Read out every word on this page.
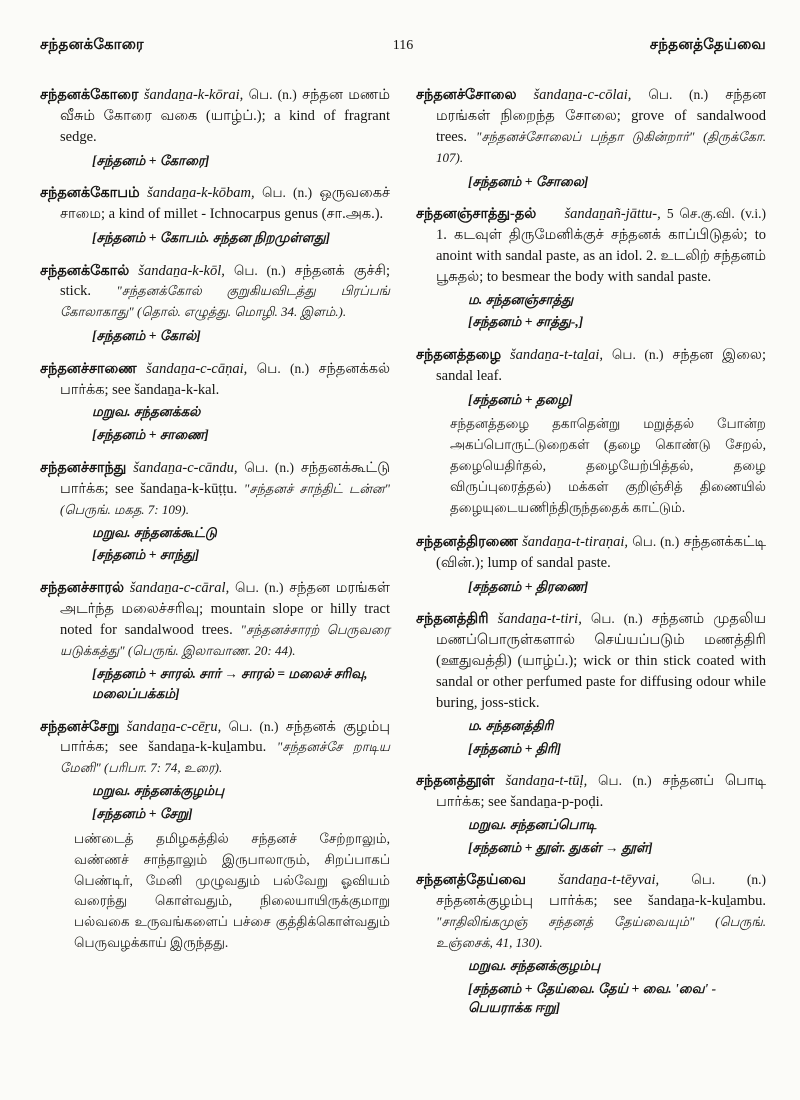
சந்தனக்கோரை	116	சந்தனத்தேய்வை

சந்தனக்கோரை šandaṉa-k-kōrai, பெ. (n.) சந்தன மணம் வீசும் கோரை வகை (யாழ்ப்.); a kind of fragrant sedge.

[சந்தனம் + கோரை]

சந்தனக்கோபம் šandaṉa-k-kōbam, பெ. (n.) ஒருவகைச் சாமை; a kind of millet - Ichnocarpus genus (சா.அக.).

[சந்தனம் + கோபம். சந்தன நிறமுள்ளது]

சந்தனக்கோல் šandaṉa-k-kōl, பெ. (n.) சந்தனக் குச்சி; stick. "சந்தனக்கோல் குறுகியவிடத்து பிரப்பங் கோலாகாது" (தொல். எழுத்து. மொழி. 34. இளம்.).

[சந்தனம் + கோல்]

சந்தனச்சாணை šandaṉa-c-cāṇai, பெ. (n.) சந்தனக்கல் பார்க்க; see šandaṉa-k-kal.

மறுவ. சந்தனக்கல்

[சந்தனம் + சாணை]

சந்தனச்சாந்து šandaṉa-c-cāndu, பெ. (n.) சந்தனக்கூட்டு பார்க்க; see šandaṉa-k-kūṭṭu. "சந்தனச் சாந்திட் டன்ன" (பெருங். மகத. 7: 109).

மறுவ. சந்தனக்கூட்டு

[சந்தனம் + சாந்து]

சந்தனச்சாரல் šandaṉa-c-cāral, பெ. (n.) சந்தன மரங்கள் அடர்ந்த மலைச்சரிவு; mountain slope or hilly tract noted for sandalwood trees. "சந்தனச்சாரற் பெருவரை யடுக்கத்து" (பெருங். இலாவாண. 20: 44).

[சந்தனம் + சாரல். சார் → சாரல் = மலைச் சரிவு, மலைப்பக்கம்]

சந்தனச்சேறு šandaṉa-c-cēṟu, பெ. (n.) சந்தனக் குழம்பு பார்க்க; see šandaṉa-k-kuḻambu. "சந்தனச்சே றாடிய மேனி" (பரிபா. 7: 74, உரை).

மறுவ. சந்தனக்குழம்பு

[சந்தனம் + சேறு]

பண்டைத் தமிழகத்தில் சந்தனச் சேற்றாலும், வண்ணச் சாந்தாலும் இருபாலாரும், சிறப்பாகப் பெண்டிர், மேனி முழுவதும் பல்வேறு ஓவியம் வரைந்து கொள்வதும், நிலையாயிருக்குமாறு பல்வகை உருவங்களைப் பச்சை குத்திக்கொள்வதும் பெருவழக்காய் இருந்தது.

சந்தனச்சோலை šandaṉa-c-cōlai, பெ. (n.) சந்தன மரங்கள் நிறைந்த சோலை; grove of sandalwood trees. "சந்தனச்சோலைப் பந்தா டுகின்றார்" (திருக்கோ. 107).

[சந்தனம் + சோலை]

சந்தனஞ்சாத்து-தல் šandaṉañ-jāttu-, 5 செ.கு.வி. (v.i.) 1. கடவுள் திருமேனிக்குச் சந்தனக் காப்பிடுதல்; to anoint with sandal paste, as an idol. 2. உடலிற் சந்தனம் பூசுதல்; to besmear the body with sandal paste.

ம. சந்தனஞ்சாத்து

[சந்தனம் + சாத்து-,]

சந்தனத்தழை šandaṉa-t-taḻai, பெ. (n.) சந்தன இலை; sandal leaf.

[சந்தனம் + தழை]

சந்தனத்தழை தகாதென்று மறுத்தல் போன்ற அகப்பொருட்டுறைகள் (தழை கொண்டு சேறல், தழையெதிர்தல், தழையேற்பித்தல், தழை விருப்புரைத்தல்) மக்கள் குறிஞ்சித் திணையில் தழையுடையணிந்திருந்ததைக் காட்டும்.

சந்தனத்திரணை šandaṉa-t-tiraṇai, பெ. (n.) சந்தனக்கட்டி (வின்.); lump of sandal paste.

[சந்தனம் + திரணை]

சந்தனத்திரி šandaṉa-t-tiri, பெ. (n.) சந்தனம் முதலிய மணப்பொருள்களால் செய்யப்படும் மணத்திரி (ஊதுவத்தி) (யாழ்ப்.); wick or thin stick coated with sandal or other perfumed paste for diffusing odour while buring, joss-stick.

ம. சந்தனத்திரி

[சந்தனம் + திரி]

சந்தனத்தூள் šandaṉa-t-tūḷ, பெ. (n.) சந்தனப் பொடி பார்க்க; see šandaṉa-p-poḍi.

மறுவ. சந்தனப்பொடி

[சந்தனம் + தூள். துகள் → தூள்]

சந்தனத்தேய்வை šandaṉa-t-tēyvai, பெ. (n.) சந்தனக்குழம்பு பார்க்க; see šandaṉa-k-kuḻambu. "சாதிலிங்கமுஞ் சந்தனத் தேய்வையும்" (பெருங். உஞ்சைக், 41, 130).

மறுவ. சந்தனக்குழம்பு

[சந்தனம் + தேய்வை. தேய் + வை. 'வை' - பெயராக்க ஈறு]
